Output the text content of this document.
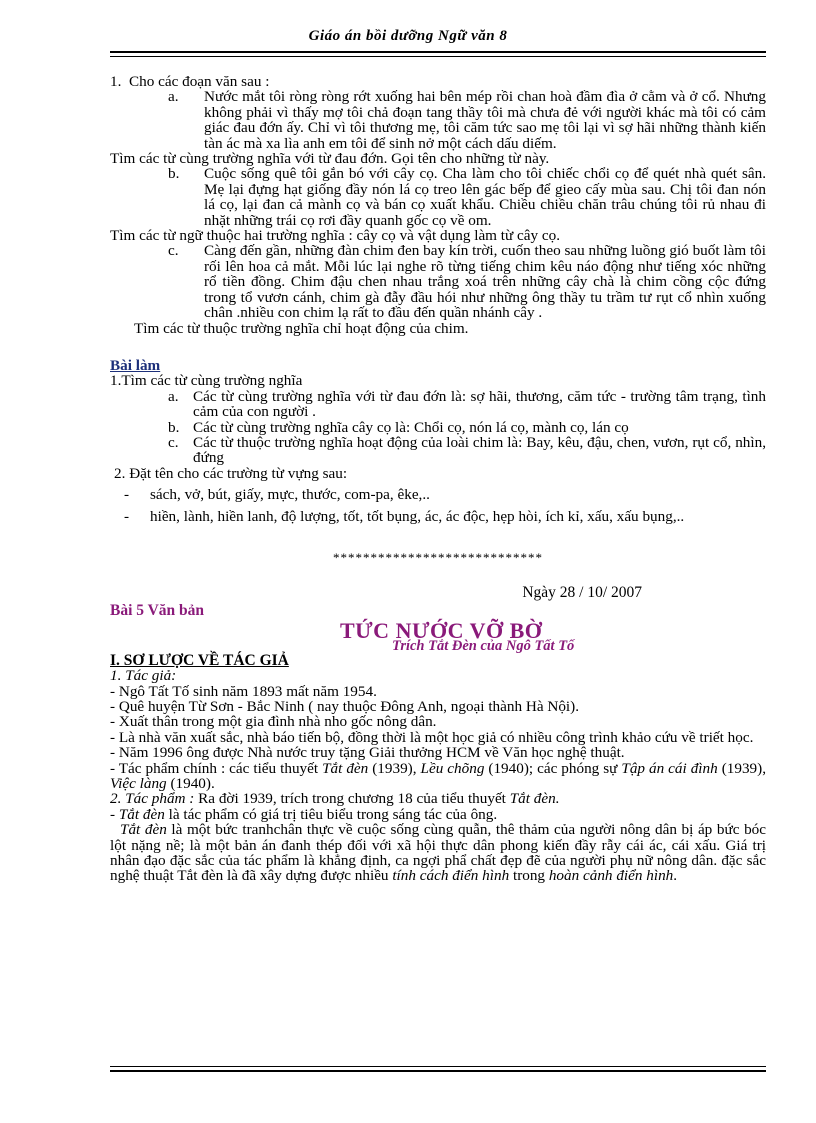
Giáo án bồi dưỡng Ngữ văn 8

1. Cho các đoạn văn sau :

a.	Nước mắt tôi ròng ròng rớt xuống hai bên mép rồi chan hoà đầm đìa ở cằm và ở cổ. Nhưng không phải vì thấy mợ tôi chả đoạn tang thầy tôi mà chưa đẻ với người khác mà tôi có cảm giác đau đớn ấy. Chỉ vì tôi thương mẹ, tôi căm tức sao mẹ tôi lại vì sợ hãi những thành kiến tàn ác mà xa lìa anh em tôi để sinh nở một cách dấu diếm.

Tìm các từ cùng trường nghĩa với từ đau đớn. Gọi tên cho những từ này.

b.	Cuộc sống quê tôi gắn bó với cây cọ. Cha làm cho tôi chiếc chổi cọ để quét nhà quét sân. Mẹ lại đựng hạt giống đầy nón lá cọ treo lên gác bếp để gieo cấy mùa sau. Chị tôi đan nón lá cọ, lại đan cả mành cọ và bán cọ xuất khẩu. Chiều chiều chăn trâu chúng tôi rủ nhau đi nhặt những trái cọ rơi đầy quanh gốc cọ về om.

Tìm các từ ngữ thuộc hai trường nghĩa : cây cọ và vật dụng làm từ cây cọ.

c.	Càng đến gần, những đàn chim đen bay kín trời, cuốn theo sau những luồng gió buốt làm tôi rối lên hoa cả mắt. Mỗi lúc lại nghe rõ từng tiếng chim kêu náo động như tiếng xóc những rổ tiền đồng. Chim đậu chen nhau trắng xoá trên những cây chà là chim cồng cộc đứng trong tổ vươn cánh, chim gà đẫy đầu hói như những ông thầy tu trầm tư rụt cổ nhìn xuống chân .nhiều con chim lạ rất to đầu đến quần nhánh cây .

Tìm các từ thuộc trường nghĩa chỉ hoạt động của chim.

Bài làm

1.Tìm các từ cùng trường nghĩa

a. Các từ cùng trường nghĩa với từ đau đớn là: sợ hãi, thương, căm tức - trường tâm trạng, tình cảm của con người .
b. Các từ cùng trường nghĩa cây cọ là: Chổi cọ, nón lá cọ, mành cọ, lán cọ
c. Các từ thuộc trường nghĩa hoạt động của loài chim là: Bay, kêu, đậu, chen, vươn, rụt cổ, nhìn, đứng

2. Đặt tên cho các trường từ vựng sau:

-	sách, vở, bút, giấy, mực, thước, com-pa, êke,..
-	hiền, lành, hiền lanh, độ lượng, tốt, tốt bụng, ác, ác độc, hẹp hòi, ích kỉ, xấu, xấu bụng,..

****************************

Ngày 28 / 10/ 2007

Bài 5 Văn bản
TỨC NƯỚC VỠ BỜ
Trích Tắt Đèn của Ngô Tất Tố

I. SƠ LƯỢC VỀ TÁC GIẢ

1. Tác giả:

- Ngô Tất Tố sinh năm 1893 mất năm 1954.

- Quê huyện Từ Sơn - Bắc Ninh ( nay thuộc Đông Anh, ngoại thành Hà Nội).

- Xuất thân trong một gia đình nhà nho gốc nông dân.

- Là nhà văn xuất sắc, nhà báo tiến bộ, đồng thời là một học giả có nhiều công trình khảo cứu về triết học.

- Năm 1996 ông được Nhà nước truy tặng Giải thưởng HCM về Văn học nghệ thuật.

- Tác phẩm chính : các tiểu thuyết Tắt đèn (1939), Lều chõng (1940); các phóng sự Tập án cái đình (1939), Việc làng (1940).

2. Tác phẩm : Ra đời 1939, trích trong chương 18 của tiểu thuyết Tắt đèn.

- Tắt đèn là tác phẩm có giá trị tiêu biểu trong sáng tác của ông.

Tắt đèn là một bức tranhchân thực về cuộc sống cùng quẫn, thê thảm của người nông dân bị áp bức bóc lột nặng nề; là một bản án đanh thép đối với xã hội thực dân phong kiến đầy rẫy cái ác, cái xấu. Giá trị nhân đạo đặc sắc của tác phẩm là khẳng định, ca ngợi phẩ chất đẹp đẽ của người phụ nữ nông dân. đặc sắc nghệ thuật Tắt đèn là đã xây dựng được nhiều tính cách điển hình trong hoàn cảnh điển hình.
